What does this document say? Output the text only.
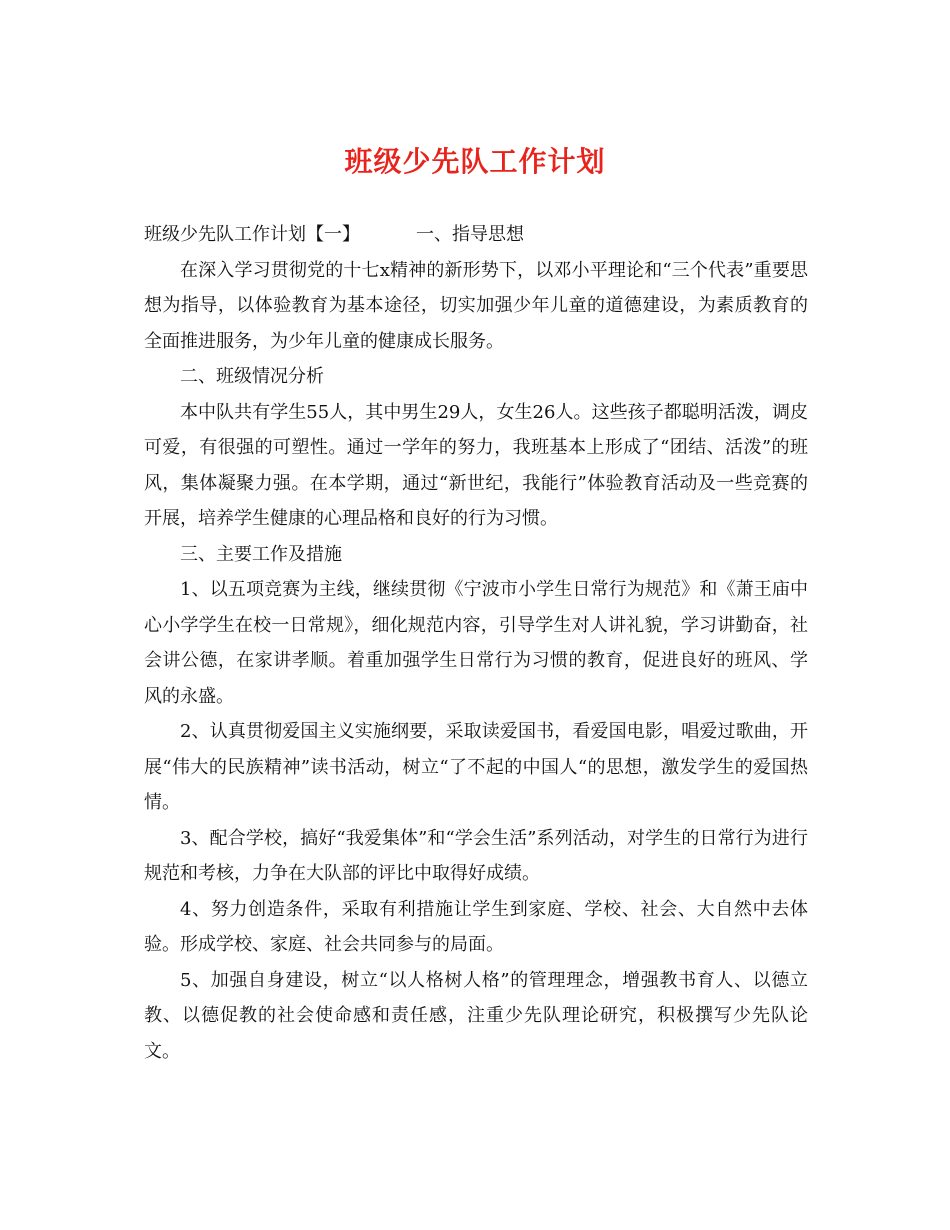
班级少先队工作计划

班级少先队工作计划【一】	一、指导思想

在深入学习贯彻党的十七x精神的新形势下，以邓小平理论和“三个代表”重要思想为指导，以体验教育为基本途径，切实加强少年儿童的道德建设，为素质教育的全面推进服务，为少年儿童的健康成长服务。

二、班级情况分析

本中队共有学生55人，其中男生29人，女生26人。这些孩子都聪明活泼，调皮可爱，有很强的可塑性。通过一学年的努力，我班基本上形成了“团结、活泼”的班风，集体凝聚力强。在本学期，通过“新世纪，我能行”体验教育活动及一些竞赛的开展，培养学生健康的心理品格和良好的行为习惯。

三、主要工作及措施

1、以五项竞赛为主线，继续贯彻《宁波市小学生日常行为规范》和《萧王庙中心小学学生在校一日常规》，细化规范内容，引导学生对人讲礼貌，学习讲勤奋，社会讲公德，在家讲孝顺。着重加强学生日常行为习惯的教育，促进良好的班风、学风的永盛。

2、认真贯彻爱国主义实施纲要，采取读爱国书，看爱国电影，唱爱过歌曲，开展“伟大的民族精神”读书活动，树立“了不起的中国人“的思想，激发学生的爱国热情。

3、配合学校，搞好“我爱集体”和“学会生活”系列活动，对学生的日常行为进行规范和考核，力争在大队部的评比中取得好成绩。

4、努力创造条件，采取有利措施让学生到家庭、学校、社会、大自然中去体验。形成学校、家庭、社会共同参与的局面。

5、加强自身建设，树立“以人格树人格”的管理理念，增强教书育人、以德立教、以德促教的社会使命感和责任感，注重少先队理论研究，积极撰写少先队论文。
